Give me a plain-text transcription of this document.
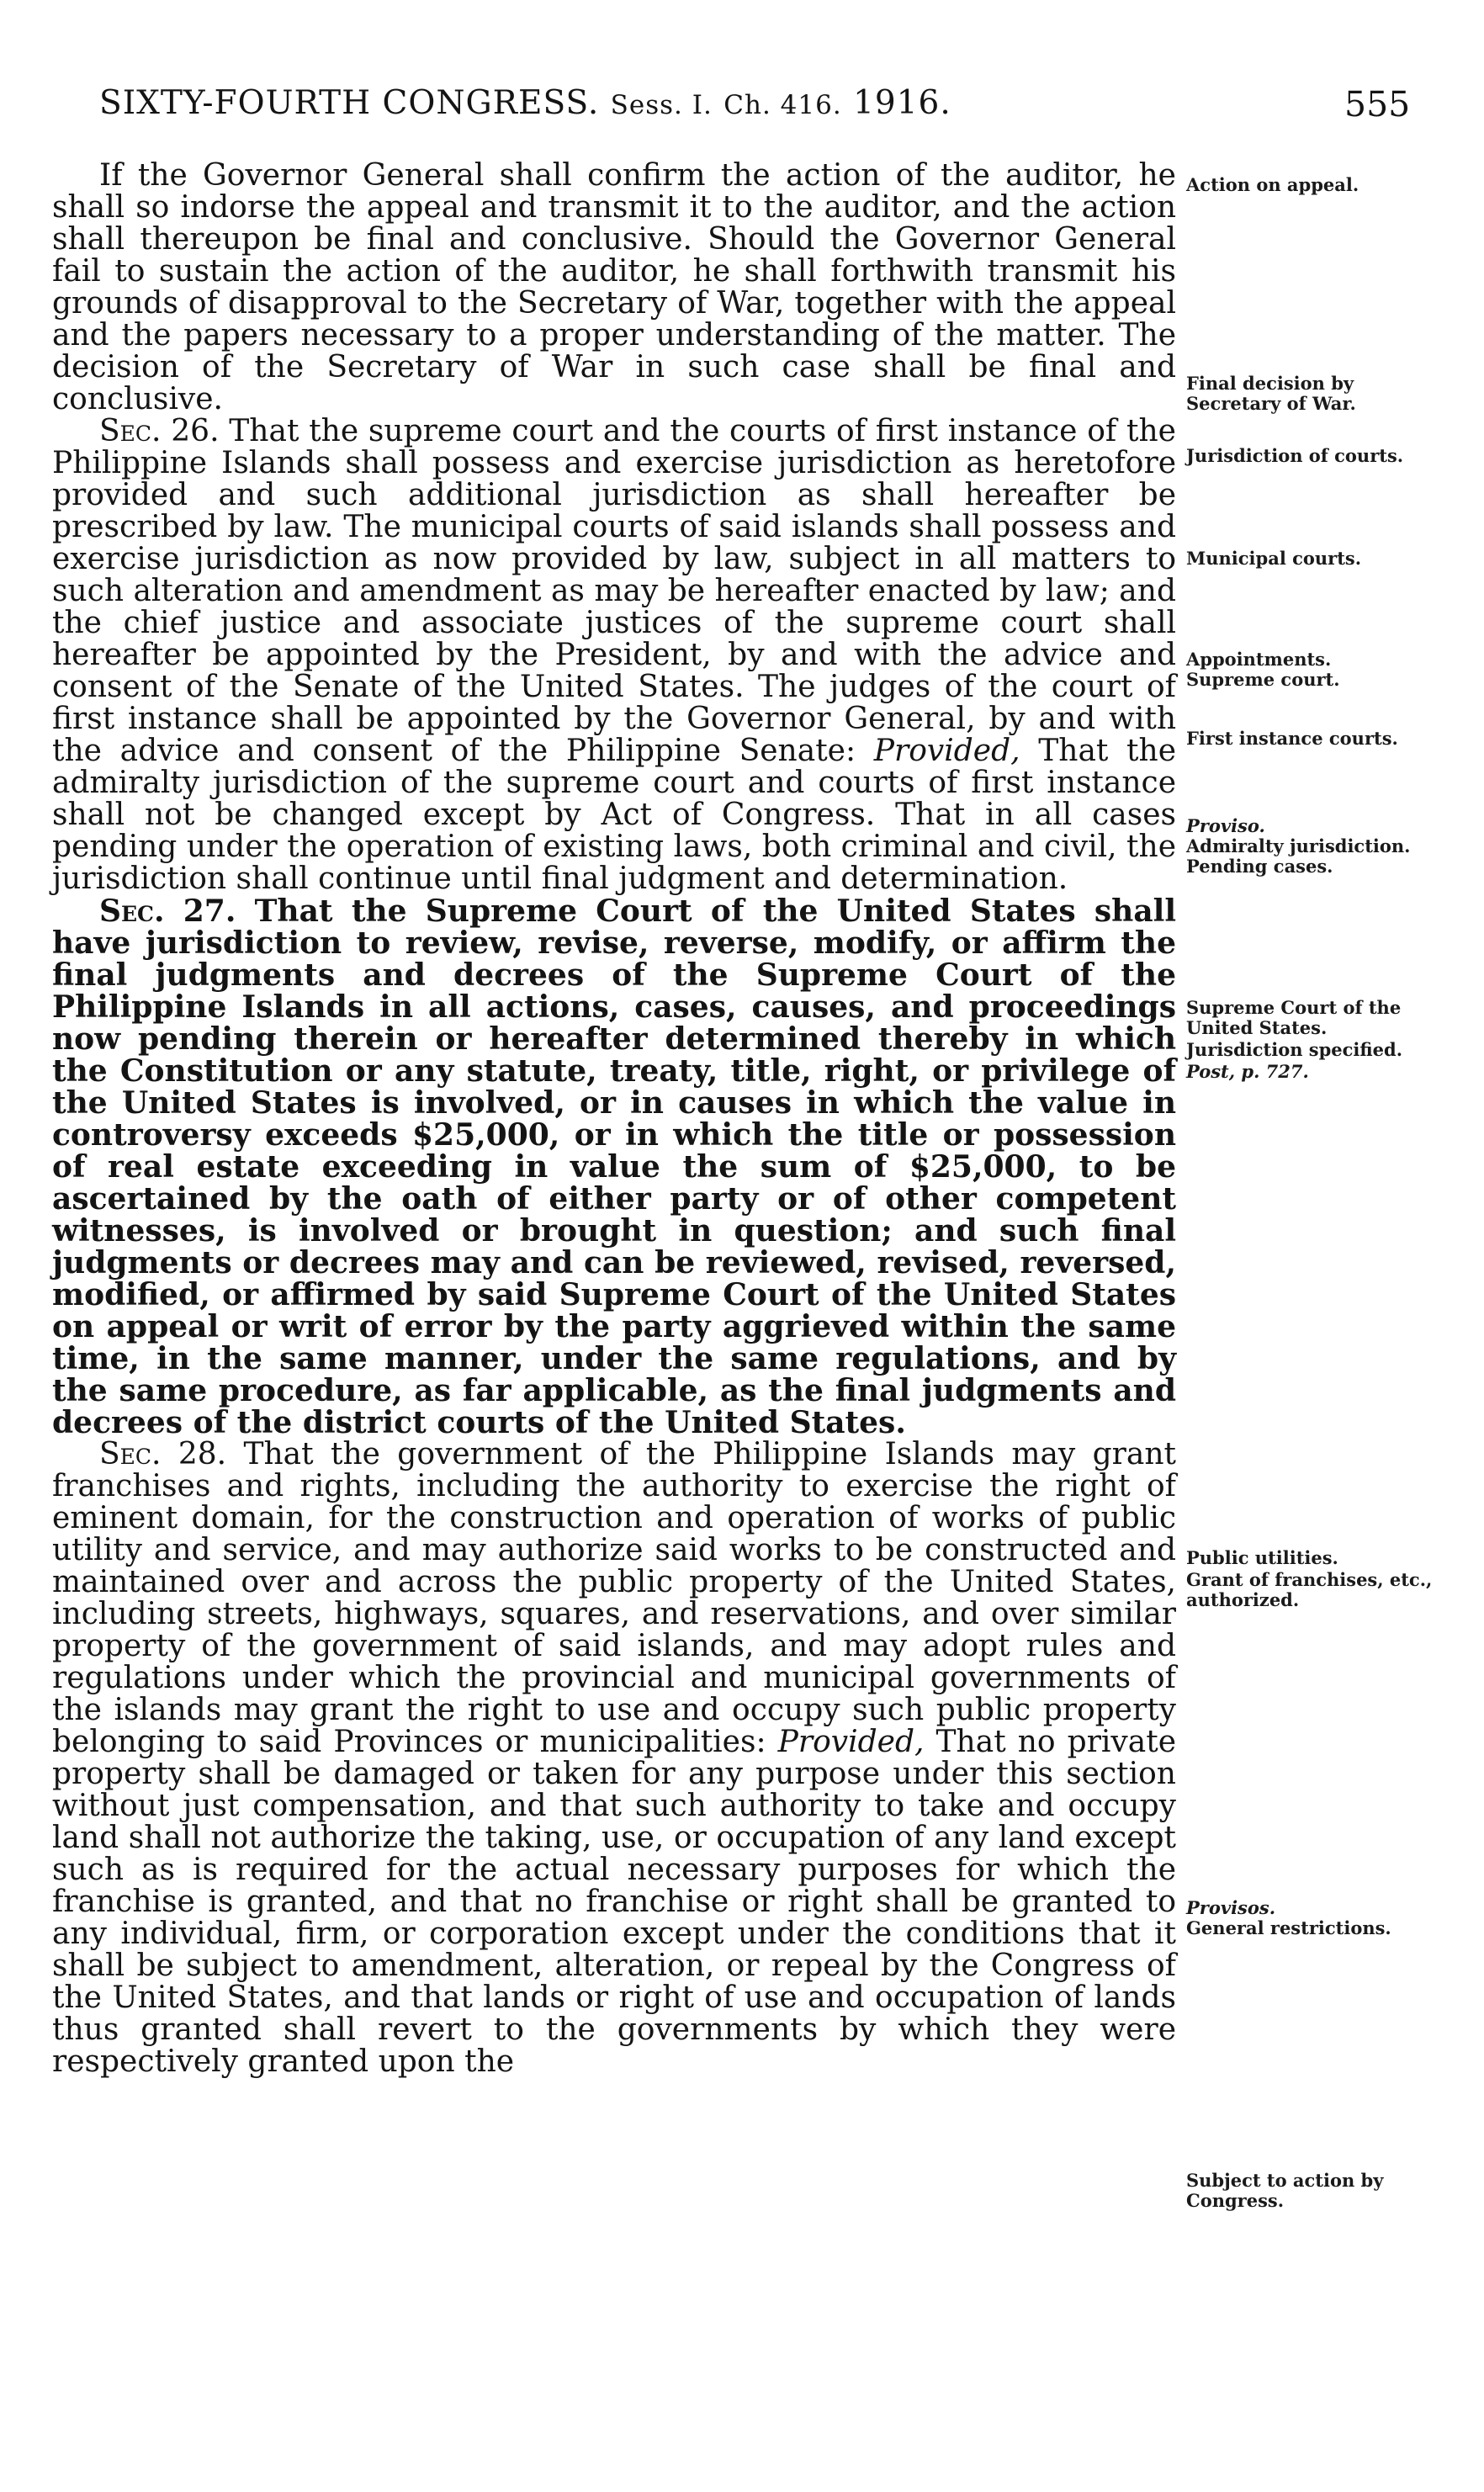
SIXTY-FOURTH CONGRESS. Sess. I. Ch. 416. 1916.	555

If the Governor General shall confirm the action of the auditor, he shall so indorse the appeal and transmit it to the auditor, and the action shall thereupon be final and conclusive. Should the Governor General fail to sustain the action of the auditor, he shall forthwith transmit his grounds of disapproval to the Secretary of War, together with the appeal and the papers necessary to a proper understanding of the matter. The decision of the Secretary of War in such case shall be final and conclusive.

Sec. 26. That the supreme court and the courts of first instance of the Philippine Islands shall possess and exercise jurisdiction as heretofore provided and such additional jurisdiction as shall hereafter be prescribed by law. The municipal courts of said islands shall possess and exercise jurisdiction as now provided by law, subject in all matters to such alteration and amendment as may be hereafter enacted by law; and the chief justice and associate justices of the supreme court shall hereafter be appointed by the President, by and with the advice and consent of the Senate of the United States. The judges of the court of first instance shall be appointed by the Governor General, by and with the advice and consent of the Philippine Senate: Provided, That the admiralty jurisdiction of the supreme court and courts of first instance shall not be changed except by Act of Congress. That in all cases pending under the operation of existing laws, both criminal and civil, the jurisdiction shall continue until final judgment and determination.

Sec. 27. That the Supreme Court of the United States shall have jurisdiction to review, revise, reverse, modify, or affirm the final judgments and decrees of the Supreme Court of the Philippine Islands in all actions, cases, causes, and proceedings now pending therein or hereafter determined thereby in which the Constitution or any statute, treaty, title, right, or privilege of the United States is involved, or in causes in which the value in controversy exceeds $25,000, or in which the title or possession of real estate exceeding in value the sum of $25,000, to be ascertained by the oath of either party or of other competent witnesses, is involved or brought in question; and such final judgments or decrees may and can be reviewed, revised, reversed, modified, or affirmed by said Supreme Court of the United States on appeal or writ of error by the party aggrieved within the same time, in the same manner, under the same regulations, and by the same procedure, as far applicable, as the final judgments and decrees of the district courts of the United States.

Sec. 28. That the government of the Philippine Islands may grant franchises and rights, including the authority to exercise the right of eminent domain, for the construction and operation of works of public utility and service, and may authorize said works to be constructed and maintained over and across the public property of the United States, including streets, highways, squares, and reservations, and over similar property of the government of said islands, and may adopt rules and regulations under which the provincial and municipal governments of the islands may grant the right to use and occupy such public property belonging to said Provinces or municipalities: Provided, That no private property shall be damaged or taken for any purpose under this section without just compensation, and that such authority to take and occupy land shall not authorize the taking, use, or occupation of any land except such as is required for the actual necessary purposes for which the franchise is granted, and that no franchise or right shall be granted to any individual, firm, or corporation except under the conditions that it shall be subject to amendment, alteration, or repeal by the Congress of the United States, and that lands or right of use and occupation of lands thus granted shall revert to the governments by which they were respectively granted upon the

Action on appeal.
Final decision by Secretary of War.
Jurisdiction of courts.
Municipal courts.
Appointments.
Supreme court.
First instance courts.
Proviso.
Admiralty jurisdiction.
Pending cases.
Supreme Court of the United States.
Jurisdiction specified.
Post, p. 727.
Public utilities.
Grant of franchises, etc., authorized.
Provisos.
General restrictions.
Subject to action by Congress.
